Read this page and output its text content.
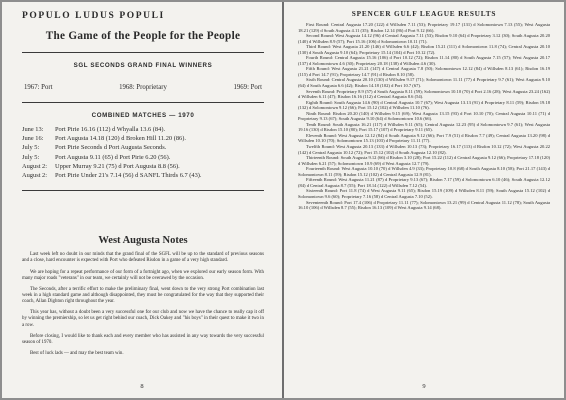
POPULO LUDUS POPULI
The Game of the People for the People
SGL SECONDS GRAND FINAL WINNERS
1967: Port	1968: Proprietary	1969: Port
COMBINED MATCHES — 1970
June 13:	Port Pirie 16.16 (112) d Whyalla 13.6 (84).
June 16:	Port Augusta 14.18 (120) d Broken Hill 11.20 (86).
July 5:	Port Pirie Seconds d Port Augusta Seconds.
July 5:	Port Augusta 9.11 (65) d Port Pirie 6.20 (56).
August 2:	Upper Murray 9.21 (75) d Port Augusta 8.8 (56).
August 2:	Port Pirie Under 21's 7.14 (56) d SANFL Thirds 6.7 (43).
West Augusta Notes

Last week left no doubt in our minds that the grand final of the SGFL will be up to the standard of previous seasons and a close, hard encounter is expected with Port who defeated Risdon in a game of a very high standard.

We are hoping for a repeat performance of our form of a fortnight ago, when we explored our early season form. With many major roads "veterans" in our team, we certainly will not be overawed by the occasion.

The Seconds, after a terrific effort to make the preliminary final, went down to the very strong Port combination last week in a high standard game and although disappointed, they must be congratulated for the way that they supported their coach, Allan Dighton right throughout the year.

This year has, without a doubt been a very successful one for our club and now we have the chance to really cap it off by winning the premiership, so let us get right behind our coach, Dick Oakey and "his boys" in their quest to make it two in a row.

Before closing, I would like to thank each and every member who has assisted in any way towards the very successful season of 1970.

Best of luck lads — and may the best team win.

8
SPENCER GULF LEAGUE RESULTS

First Round: Central Augusta 17.20 (122) d Willsden 7.11 (53); Proprietary 19.17 (131) d Solomontown 7.13 (55); West Augusta 18.21 (129) d South Augusta 4.11 (35); Risdon 12.14 (86) d Port 9.12 (66).

Second Round: West Augusta 14.12 (96) d Central Augusta 7.11 (53); Risdon 9.10 (64) d Proprietary 3.12 (30); South Augusta 20.20 (140) d Willsden 8.9 (57); Port 15.16 (106) d Solomontown 10.11 (71).

Third Round: West Augusta 21.20 (146) d Willsden 6.6 (42); Risdon 15.21 (111) d Solomontown 11.8 (74); Central Augusta 20.10 (130) d South Augusta 9.10 (64); Proprietary 15.14 (104) d Port 10.12 (72).

Fourth Round: Central Augusta 15.16 (106) d Port 10.12 (72); Risdon 11.14 (80) d South Augusta 7.15 (57); West Augusta 20.17 (137) d Solomontown 4.6 (30); Proprietary 20.18 (138) d Willsden 4.6 (30).

Fifth Round: West Augusta 21.21 (147) d Central Augusta 7.8 (50); Solomontown 12.12 (84) d Willsden 8.13 (61); Risdon 16.19 (115) d Port 14.7 (91); Proprietary 14.7 (91) d Risdon 8.10 (58).

Sixth Round: Central Augusta 20.10 (130) d Willsden 9.17 (71); Solomontown 11.11 (77) d Proprietary 9.7 (61); West Augusta 9.10 (64) d South Augusta 6.6 (42); Risdon 14.18 (102) d Port 10.7 (67).

Seventh Round: Proprietary 8.9 (57) d South Augusta 8.11 (59); Solomontown 10.10 (70) d Port 2.16 (28); West Augusta 23.24 (162) d Willsden 6.11 (47); Risdon 16.16 (112) d Central Augusta 8.6 (54).

Eighth Round: South Augusta 14.6 (90) d Central Augusta 10.7 (67); West Augusta 13.13 (91) d Proprietary 8.11 (59); Risdon 19.18 (132) d Solomontown 9.12 (66); Port 15.12 (102) d Willsden 11.10 (76).

Ninth Round: Risdon 20.20 (140) d Willsden 9.15 (69); West Augusta 13.15 (93) d Port 10.10 (70); Central Augusta 10.11 (71) d Proprietary 9.13 (67); South Augusta 9.10 (64) d Solomontown 10.6 (66).

Tenth Round: South Augusta 16.21 (117) d Willsden 9.11 (65); Central Augusta 12.23 (95) d Solomontown 9.7 (61); West Augusta 19.16 (130) d Risdon 15.10 (80); Port 15.17 (107) d Proprietary 9.11 (65).

Eleventh Round: West Augusta 12.12 (84) d South Augusta 9.12 (66); Port 7.9 (51) d Risdon 7.7 (49); Central Augusta 13.20 (98) d Willsden 10.10 (70); Solomontown 15.13 (103) d Proprietary 11.11 (77).

Twelfth Round: West Augusta 20.13 (133) d Willsden 10.13 (73); Proprietary 16.17 (113) d Risdon 10.12 (72); West Augusta 20.22 (142) d Central Augusta 10.12 (72); Port 15.12 (102) d South Augusta 12.10 (82).

Thirteenth Round: South Augusta 9.12 (66) d Risdon 3.10 (28); Port 15.22 (112) d Central Augusta 9.12 (66); Proprietary 17.18 (120) d Willsden 6.21 (57); Solomontown 10.9 (69) d West Augusta 12.7 (79).

Fourteenth Round: West Augusta 10.10 (70) d Willsden 4.9 (33); Proprietary 10.8 (68) d South Augusta 8.10 (58); Port 21.17 (143) d Solomontown 8.11 (59); Risdon 15.12 (102) d Central Augusta 12.9 (81).

Fifteenth Round: West Augusta 11.21 (87) d Proprietary 9.13 (67); Risdon 7.17 (59) d Solomontown 6.10 (46); South Augusta 12.12 (84) d Central Augusta 8.7 (55); Port 18.14 (122) d Willsden 7.12 (54).

Sixteenth Round: Port 11.8 (74) d West Augusta 9.11 (65); Risdon 15.19 (109) d Willsden 8.11 (59); South Augusta 15.12 (102) d Solomontown 9.6 (60); Proprietary 7.16 (58) d Central Augusta 7.10 (52).

Seventeenth Round: Port 17.4 (106) d Proprietary 11.11 (77); Solomontown 13.21 (99) d Central Augusta 11.12 (78); South Augusta 16.10 (106) d Willsden 8.7 (55); Risdon 16.13 (109) d West Augusta 9.14 (68).

9
